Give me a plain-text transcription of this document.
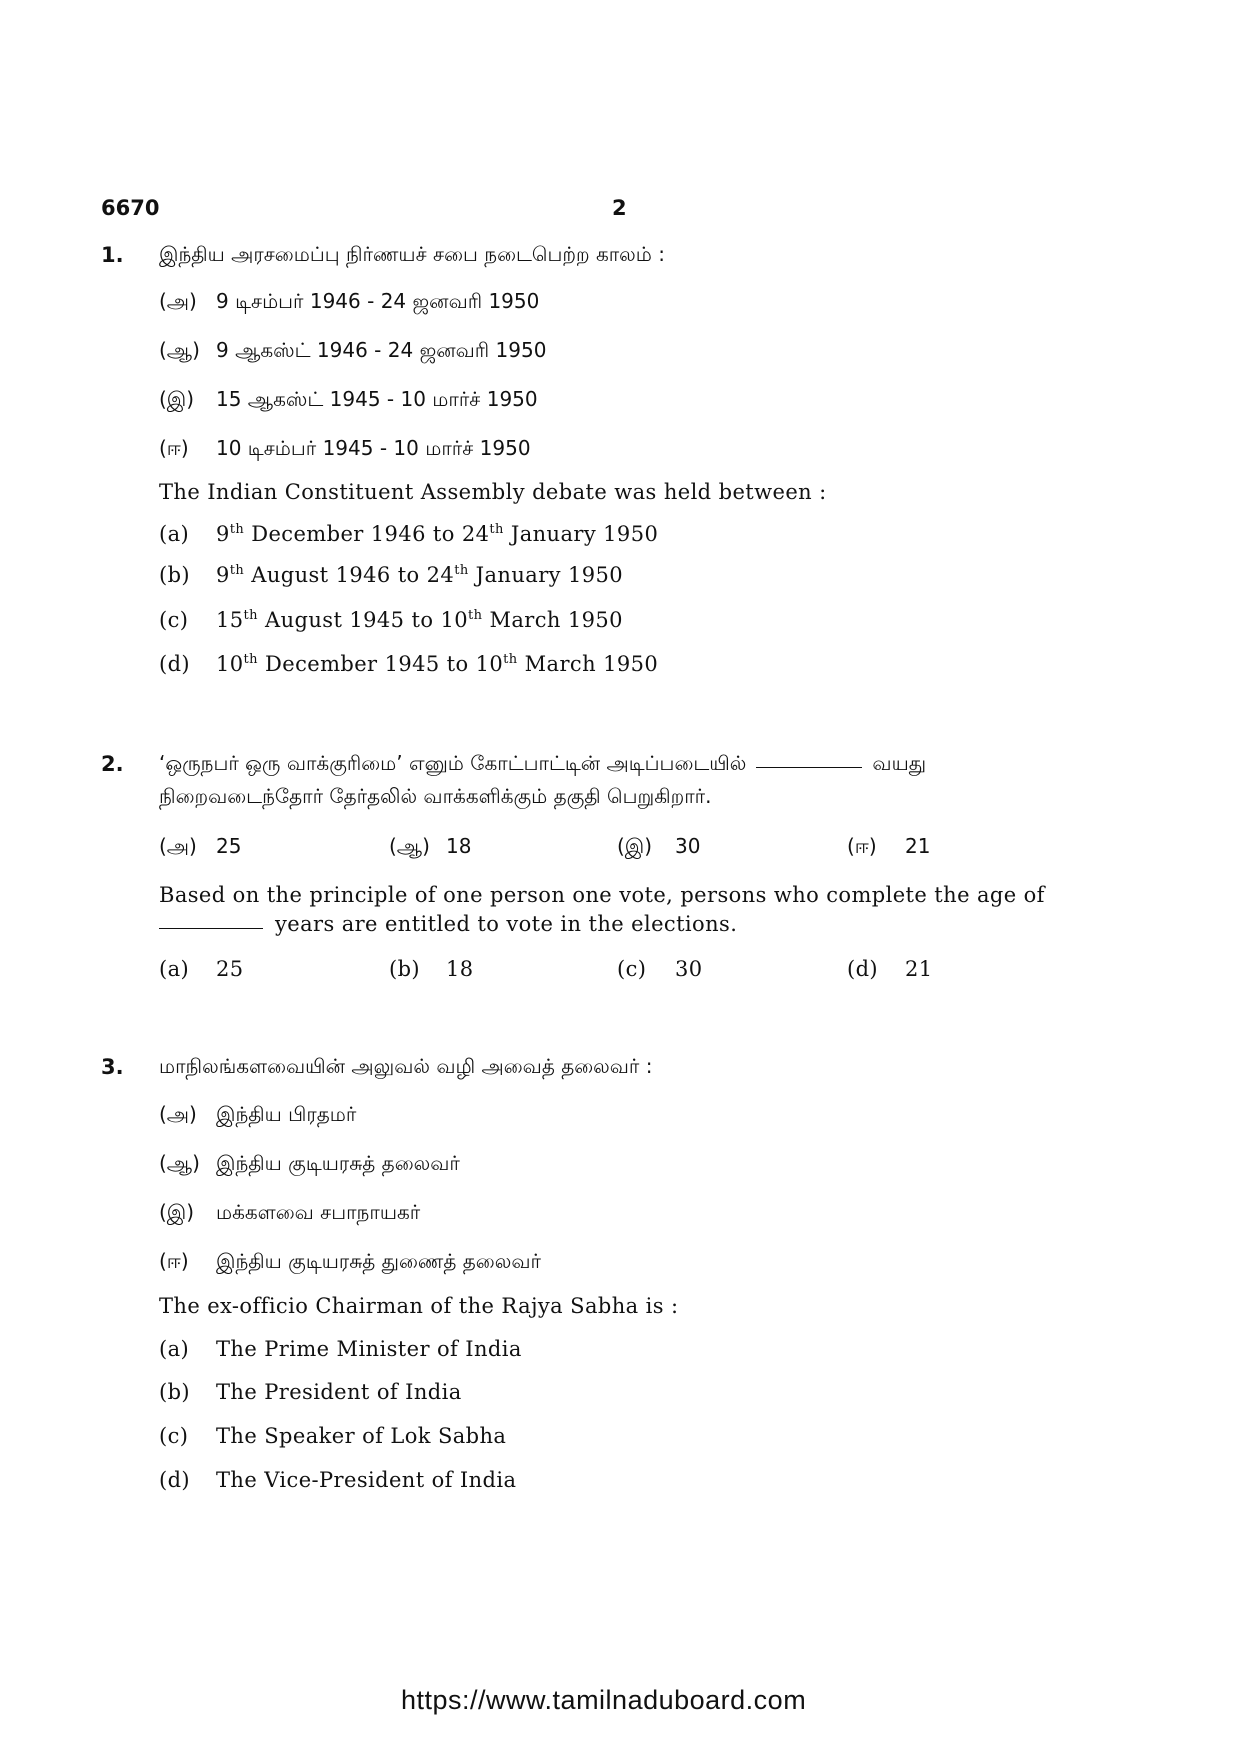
6670	2
1. இந்திய அரசமைப்பு நிர்ணயச் சபை நடைபெற்ற காலம் :
(அ) 9 டிசம்பர் 1946 - 24 ஜனவரி 1950
(ஆ) 9 ஆகஸ்ட் 1946 - 24 ஜனவரி 1950
(இ) 15 ஆகஸ்ட் 1945 - 10 மார்ச் 1950
(ஈ) 10 டிசம்பர் 1945 - 10 மார்ச் 1950
The Indian Constituent Assembly debate was held between :
(a) 9th December 1946 to 24th January 1950
(b) 9th August 1946 to 24th January 1950
(c) 15th August 1945 to 10th March 1950
(d) 10th December 1945 to 10th March 1950
2. ‘ஒருநபர் ஒரு வாக்குரிமை’ எனும் கோட்பாட்டின் அடிப்படையில்	வயது
நிறைவடைந்தோர் தேர்தலில் வாக்களிக்கும் தகுதி பெறுகிறார்.
(அ) 25	(ஆ) 18	(இ) 30	(ஈ) 21
Based on the principle of one person one vote, persons who complete the age of
years are entitled to vote in the elections.
(a) 25	(b) 18	(c) 30	(d) 21
3. மாநிலங்களவையின் அலுவல் வழி அவைத் தலைவர் :
(அ) இந்திய பிரதமர்
(ஆ) இந்திய குடியரசுத் தலைவர்
(இ) மக்களவை சபாநாயகர்
(ஈ) இந்திய குடியரசுத் துணைத் தலைவர்
The ex-officio Chairman of the Rajya Sabha is :
(a) The Prime Minister of India
(b) The President of India
(c) The Speaker of Lok Sabha
(d) The Vice-President of India
https://www.tamilnaduboard.com
